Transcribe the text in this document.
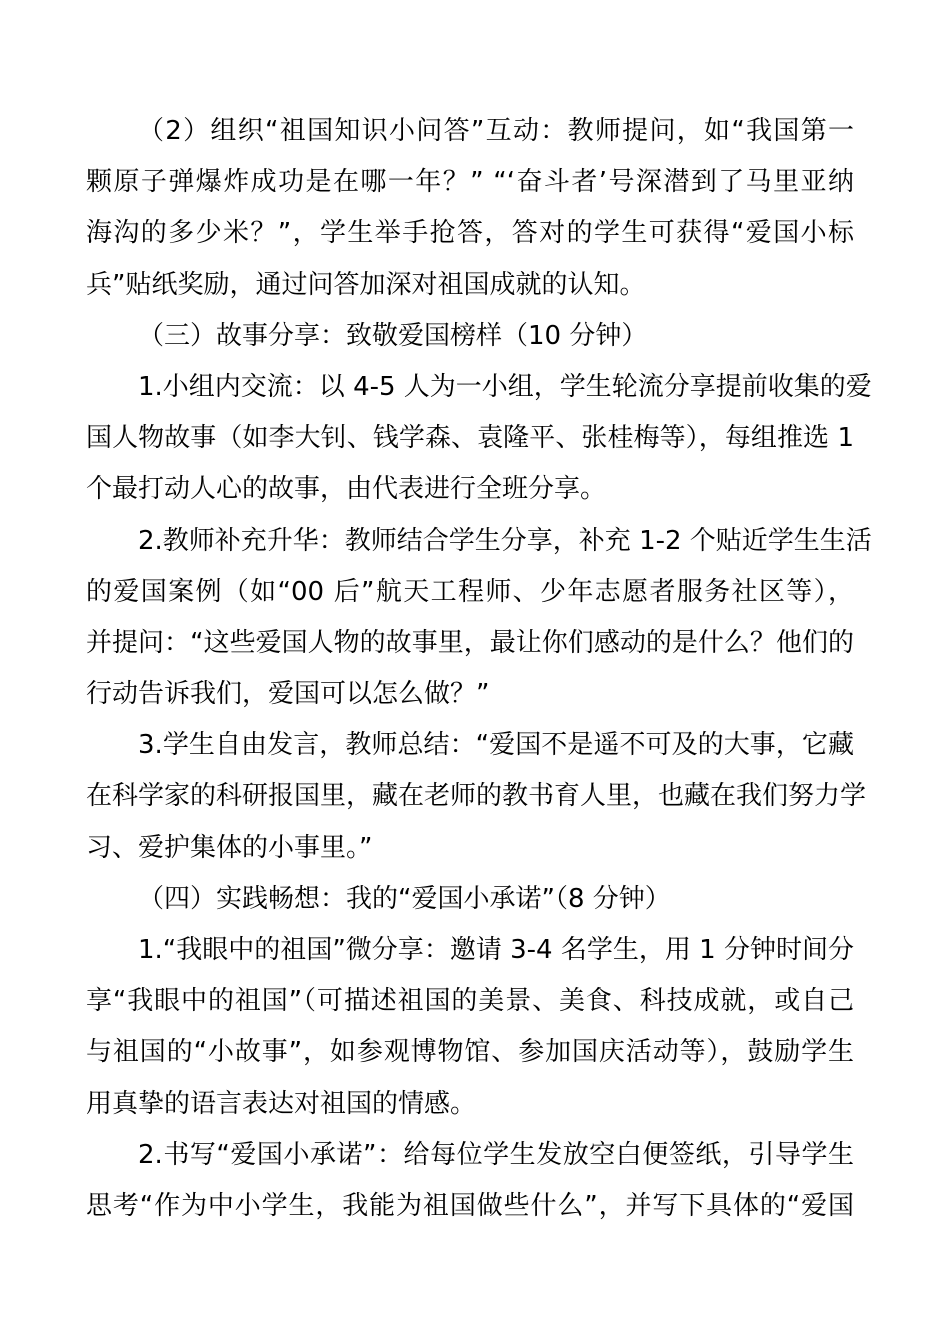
（2）组织“祖国知识小问答”互动：教师提问，如“我国第一
颗原子弹爆炸成功是在哪一年？” “‘奋斗者’号深潜到了马里亚纳
海沟的多少米？”，学生举手抢答，答对的学生可获得“爱国小标
兵”贴纸奖励，通过问答加深对祖国成就的认知。
（三）故事分享：致敬爱国榜样（10 分钟）
1.小组内交流：以 4-5 人为一小组，学生轮流分享提前收集的爱
国人物故事（如李大钊、钱学森、袁隆平、张桂梅等），每组推选 1
个最打动人心的故事，由代表进行全班分享。
2.教师补充升华：教师结合学生分享，补充 1-2 个贴近学生生活
的爱国案例（如“00 后”航天工程师、少年志愿者服务社区等），
并提问：“这些爱国人物的故事里，最让你们感动的是什么？他们的
行动告诉我们，爱国可以怎么做？”
3.学生自由发言，教师总结：“爱国不是遥不可及的大事，它藏
在科学家的科研报国里，藏在老师的教书育人里，也藏在我们努力学
习、爱护集体的小事里。”
（四）实践畅想：我的“爱国小承诺”（8 分钟）
1.“我眼中的祖国”微分享：邀请 3-4 名学生，用 1 分钟时间分
享“我眼中的祖国”（可描述祖国的美景、美食、科技成就，或自己
与祖国的“小故事”，如参观博物馆、参加国庆活动等），鼓励学生
用真挚的语言表达对祖国的情感。
2.书写“爱国小承诺”：给每位学生发放空白便签纸，引导学生
思考“作为中小学生，我能为祖国做些什么”，并写下具体的“爱国
